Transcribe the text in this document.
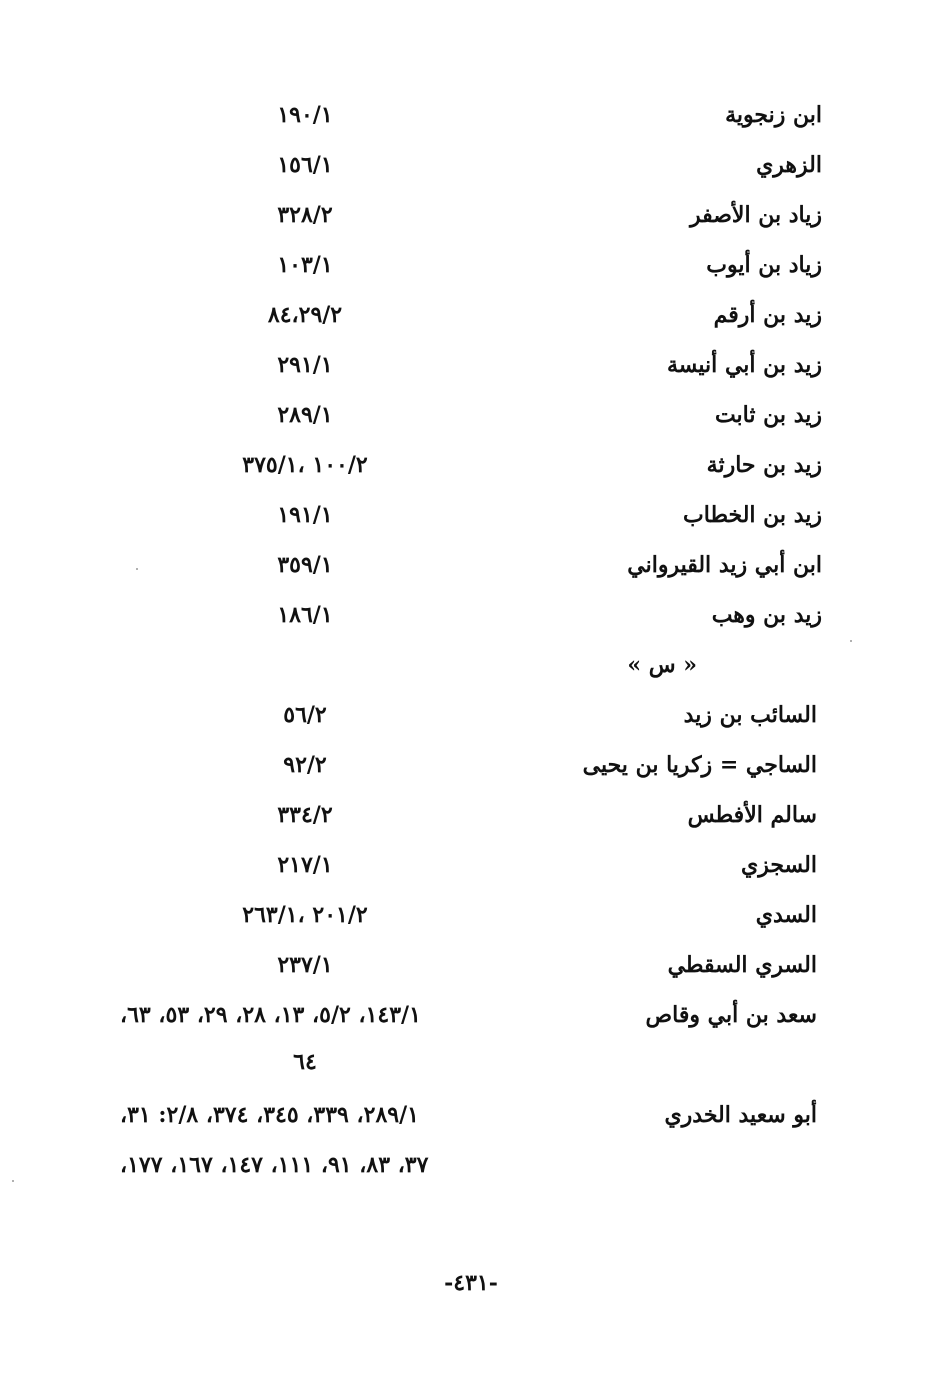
ابن زنجوية
١٩٠/١
الزهري
١٥٦/١
زياد بن الأصفر
٣٢٨/٢
زياد بن أيوب
١٠٣/١
زيد بن أرقم
٨٤،٢٩/٢
زيد بن أبي أنيسة
٢٩١/١
زيد بن ثابت
٢٨٩/١
زيد بن حارثة
١٠٠/٢ ،٣٧٥/١
زيد بن الخطاب
١٩١/١
ابن أبي زيد القيرواني
٣٥٩/١
زيد بن وهب
١٨٦/١
« س »
السائب بن زيد
٥٦/٢
الساجي = زكريا بن يحيى
٩٢/٢
سالم الأفطس
٣٣٤/٢
السجزي
٢١٧/١
السدي
٢٠١/٢ ،٢٦٣/١
السري السقطي
٢٣٧/١
سعد بن أبي وقاص
١٤٣/١، ٥/٢، ١٣، ٢٨، ٢٩، ٥٣، ٦٣،
٦٤
أبو سعيد الخدري
٢٨٩/١، ٣٣٩، ٣٤٥، ٣٧٤، ٢/٨: ٣١،
٣٧، ٨٣، ٩١، ١١١، ١٤٧، ١٦٧، ١٧٧،
-٤٣١-
